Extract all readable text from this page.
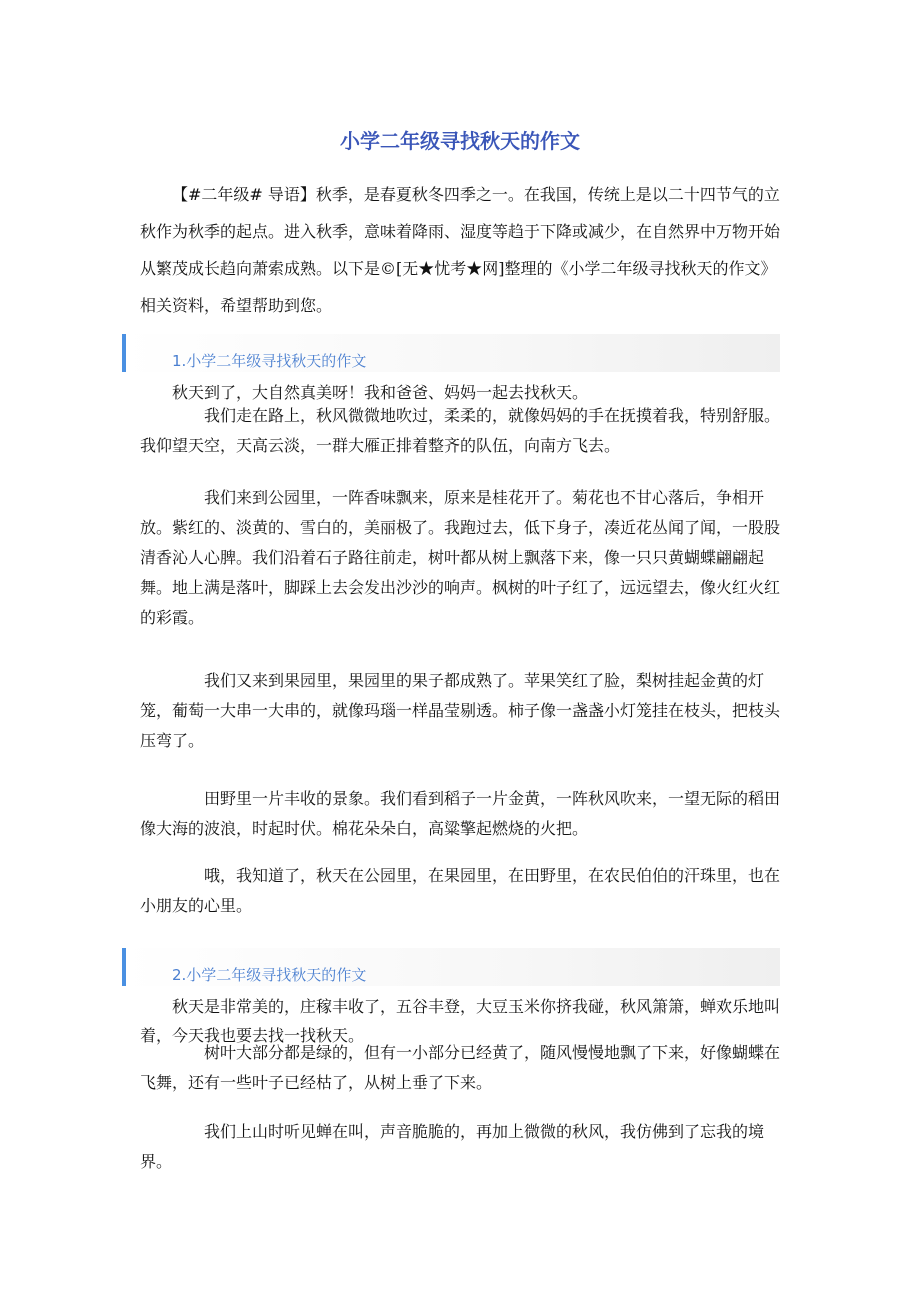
小学二年级寻找秋天的作文
【#二年级# 导语】秋季，是春夏秋冬四季之一。在我国，传统上是以二十四节气的立秋作为秋季的起点。进入秋季，意味着降雨、湿度等趋于下降或减少，在自然界中万物开始从繁茂成长趋向萧索成熟。以下是©[无★忧考★网]整理的《小学二年级寻找秋天的作文》相关资料，希望帮助到您。
1.小学二年级寻找秋天的作文
秋天到了，大自然真美呀！我和爸爸、妈妈一起去找秋天。
我们走在路上，秋风微微地吹过，柔柔的，就像妈妈的手在抚摸着我，特别舒服。我仰望天空，天高云淡，一群大雁正排着整齐的队伍，向南方飞去。
我们来到公园里，一阵香味飘来，原来是桂花开了。菊花也不甘心落后，争相开放。紫红的、淡黄的、雪白的，美丽极了。我跑过去，低下身子，凑近花丛闻了闻，一股股清香沁人心脾。我们沿着石子路往前走，树叶都从树上飘落下来，像一只只黄蝴蝶翩翩起舞。地上满是落叶，脚踩上去会发出沙沙的响声。枫树的叶子红了，远远望去，像火红火红的彩霞。
我们又来到果园里，果园里的果子都成熟了。苹果笑红了脸，梨树挂起金黄的灯笼，葡萄一大串一大串的，就像玛瑙一样晶莹剔透。柿子像一盏盏小灯笼挂在枝头，把枝头压弯了。
田野里一片丰收的景象。我们看到稻子一片金黄，一阵秋风吹来，一望无际的稻田像大海的波浪，时起时伏。棉花朵朵白，高粱擎起燃烧的火把。
哦，我知道了，秋天在公园里，在果园里，在田野里，在农民伯伯的汗珠里，也在小朋友的心里。
2.小学二年级寻找秋天的作文
秋天是非常美的，庄稼丰收了，五谷丰登，大豆玉米你挤我碰，秋风箫箫，蝉欢乐地叫着，今天我也要去找一找秋天。
树叶大部分都是绿的，但有一小部分已经黄了，随风慢慢地飘了下来，好像蝴蝶在飞舞，还有一些叶子已经枯了，从树上垂了下来。
我们上山时听见蝉在叫，声音脆脆的，再加上微微的秋风，我仿佛到了忘我的境界。
